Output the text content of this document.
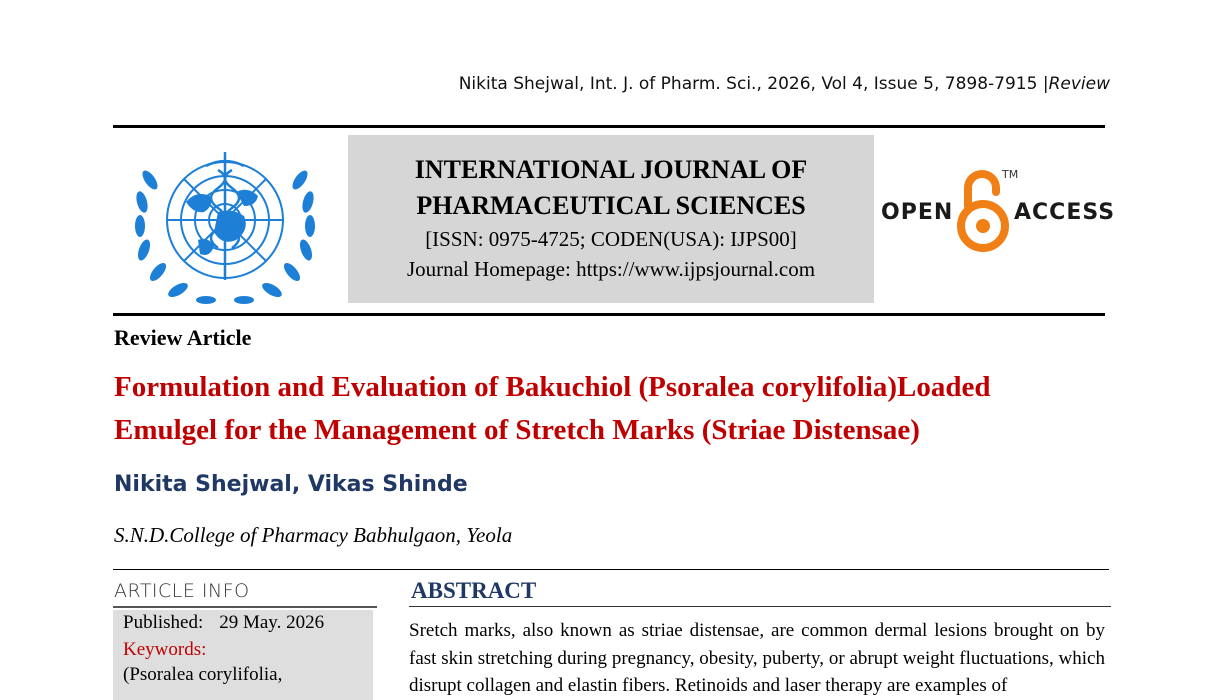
Nikita Shejwal, Int. J. of Pharm. Sci., 2026, Vol 4, Issue 5, 7898-7915 |Review
INTERNATIONAL JOURNAL OF
PHARMACEUTICAL SCIENCES
[ISSN: 0975-4725; CODEN(USA): IJPS00]
Journal Homepage: https://www.ijpsjournal.com
OPEN
TM
ACCESS
Review Article
Formulation and Evaluation of Bakuchiol (Psoralea corylifolia)Loaded
Emulgel for the Management of Stretch Marks (Striae Distensae)
Nikita Shejwal, Vikas Shinde
S.N.D.College of Pharmacy Babhulgaon, Yeola
ARTICLE INFO
Published: 29 May. 2026
Keywords:
(Psoralea corylifolia,
ABSTRACT
Sretch marks, also known as striae distensae, are common dermal lesions brought on by fast skin stretching during pregnancy, obesity, puberty, or abrupt weight fluctuations, which disrupt collagen and elastin fibers. Retinoids and laser therapy are examples of
